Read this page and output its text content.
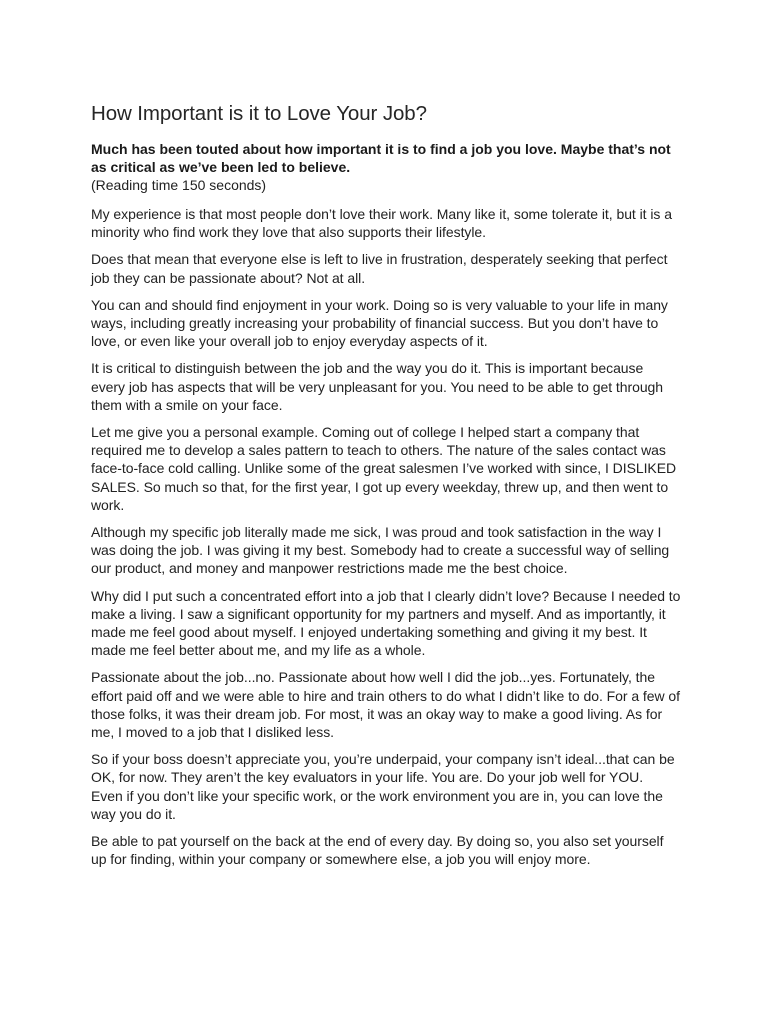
How Important is it to Love Your Job?

Much has been touted about how important it is to find a job you love. Maybe that’s not as critical as we’ve been led to believe.

(Reading time 150 seconds)

My experience is that most people don’t love their work. Many like it, some tolerate it, but it is a minority who find work they love that also supports their lifestyle.

Does that mean that everyone else is left to live in frustration, desperately seeking that perfect job they can be passionate about? Not at all.

You can and should find enjoyment in your work. Doing so is very valuable to your life in many ways, including greatly increasing your probability of financial success. But you don’t have to love, or even like your overall job to enjoy everyday aspects of it.

It is critical to distinguish between the job and the way you do it. This is important because every job has aspects that will be very unpleasant for you. You need to be able to get through them with a smile on your face.

Let me give you a personal example. Coming out of college I helped start a company that required me to develop a sales pattern to teach to others. The nature of the sales contact was face-to-face cold calling. Unlike some of the great salesmen I’ve worked with since, I DISLIKED SALES. So much so that, for the first year, I got up every weekday, threw up, and then went to work.

Although my specific job literally made me sick, I was proud and took satisfaction in the way I was doing the job. I was giving it my best. Somebody had to create a successful way of selling our product, and money and manpower restrictions made me the best choice.

Why did I put such a concentrated effort into a job that I clearly didn’t love? Because I needed to make a living. I saw a significant opportunity for my partners and myself. And as importantly, it made me feel good about myself. I enjoyed undertaking something and giving it my best. It made me feel better about me, and my life as a whole.

Passionate about the job...no. Passionate about how well I did the job...yes. Fortunately, the effort paid off and we were able to hire and train others to do what I didn’t like to do. For a few of those folks, it was their dream job. For most, it was an okay way to make a good living. As for me, I moved to a job that I disliked less.

So if your boss doesn’t appreciate you, you’re underpaid, your company isn’t ideal...that can be OK, for now. They aren’t the key evaluators in your life. You are. Do your job well for YOU.

Even if you don’t like your specific work, or the work environment you are in, you can love the way you do it.

Be able to pat yourself on the back at the end of every day. By doing so, you also set yourself up for finding, within your company or somewhere else, a job you will enjoy more.
